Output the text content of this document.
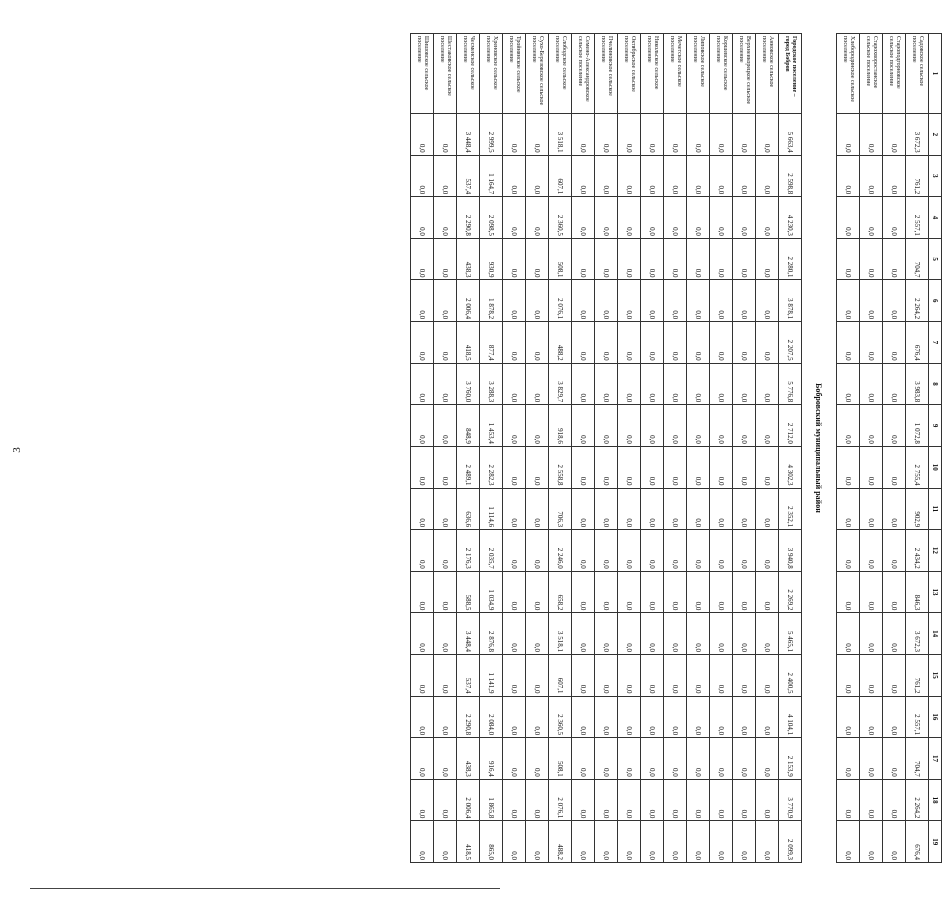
3
1	2	3	4	5	6	7	8	9	10	11	12	13	14	15	16	17	18	19
Садовское сельское поселение	3 672,3	761,2	2 557,1	704,7	2 264,2	676,4	3 983,8	1 072,8	2 755,4	902,9	2 434,2	846,3	3 672,3	761,2	2 557,1	704,7	2 264,2	676,4
Староподгорновское сельское поселение	0,0	0,0	0,0	0,0	0,0	0,0	0,0	0,0	0,0	0,0	0,0	0,0	0,0	0,0	0,0	0,0	0,0	0,0
Старохворостанское сельское поселение	0,0	0,0	0,0	0,0	0,0	0,0	0,0	0,0	0,0	0,0	0,0	0,0	0,0	0,0	0,0	0,0	0,0	0,0
Хлебородинское сельское поселение	0,0	0,0	0,0	0,0	0,0	0,0	0,0	0,0	0,0	0,0	0,0	0,0	0,0	0,0	0,0	0,0	0,0	0,0
Бобровский муниципальный район																		
Городское поселение – город Бобров	5 663,4	2 598,8	4 230,3	2 280,1	3 878,1	2 207,5	5 776,8	2 712,0	4 302,3	2 352,1	3 940,8	2 269,2	5 465,1	2 400,5	4 104,1	2 153,9	3 770,9	2 099,3
Анновское сельское поселение	0,0	0,0	0,0	0,0	0,0	0,0	0,0	0,0	0,0	0,0	0,0	0,0	0,0	0,0	0,0	0,0	0,0	0,0
Верхнеикорецкое сельское поселение	0,0	0,0	0,0	0,0	0,0	0,0	0,0	0,0	0,0	0,0	0,0	0,0	0,0	0,0	0,0	0,0	0,0	0,0
Коршевское сельское поселение	0,0	0,0	0,0	0,0	0,0	0,0	0,0	0,0	0,0	0,0	0,0	0,0	0,0	0,0	0,0	0,0	0,0	0,0
Липовское сельское поселение	0,0	0,0	0,0	0,0	0,0	0,0	0,0	0,0	0,0	0,0	0,0	0,0	0,0	0,0	0,0	0,0	0,0	0,0
Мечетское сельское поселение	0,0	0,0	0,0	0,0	0,0	0,0	0,0	0,0	0,0	0,0	0,0	0,0	0,0	0,0	0,0	0,0	0,0	0,0
Никольское сельское поселение	0,0	0,0	0,0	0,0	0,0	0,0	0,0	0,0	0,0	0,0	0,0	0,0	0,0	0,0	0,0	0,0	0,0	0,0
Октябрьское сельское поселение	0,0	0,0	0,0	0,0	0,0	0,0	0,0	0,0	0,0	0,0	0,0	0,0	0,0	0,0	0,0	0,0	0,0	0,0
Пчелиновское сельское поселение	0,0	0,0	0,0	0,0	0,0	0,0	0,0	0,0	0,0	0,0	0,0	0,0	0,0	0,0	0,0	0,0	0,0	0,0
Семено-Александровское сельское поселение	0,0	0,0	0,0	0,0	0,0	0,0	0,0	0,0	0,0	0,0	0,0	0,0	0,0	0,0	0,0	0,0	0,0	0,0
Слободское сельское поселение	3 518,1	607,1	2 360,5	508,1	2 076,1	488,2	3 829,7	918,6	2 558,8	706,3	2 246,0	658,2	3 518,1	607,1	2 360,5	508,1	2 076,1	488,2
Сухо-Березовское сельское поселение	0,0	0,0	0,0	0,0	0,0	0,0	0,0	0,0	0,0	0,0	0,0	0,0	0,0	0,0	0,0	0,0	0,0	0,0
Тройнянское сельское поселение	0,0	0,0	0,0	0,0	0,0	0,0	0,0	0,0	0,0	0,0	0,0	0,0	0,0	0,0	0,0	0,0	0,0	0,0
Хреновское сельское поселение	2 999,5	1 164,7	2 098,5	930,9	1 878,2	877,4	3 288,3	1 453,4	2 282,3	1 114,6	2 035,7	1 034,9	2 876,8	1 141,9	2 084,0	916,4	1 865,8	865,0
Чесменское сельское поселение	3 448,4	537,4	2 290,8	438,3	2 006,4	418,5	3 760,0	848,9	2 489,1	636,6	2 176,3	588,5	3 448,4	537,4	2 290,8	438,3	2 006,4	418,5
Шестаковское сельское поселение	0,0	0,0	0,0	0,0	0,0	0,0	0,0	0,0	0,0	0,0	0,0	0,0	0,0	0,0	0,0	0,0	0,0	0,0
Шишовское сельское поселение	0,0	0,0	0,0	0,0	0,0	0,0	0,0	0,0	0,0	0,0	0,0	0,0	0,0	0,0	0,0	0,0	0,0	0,0
